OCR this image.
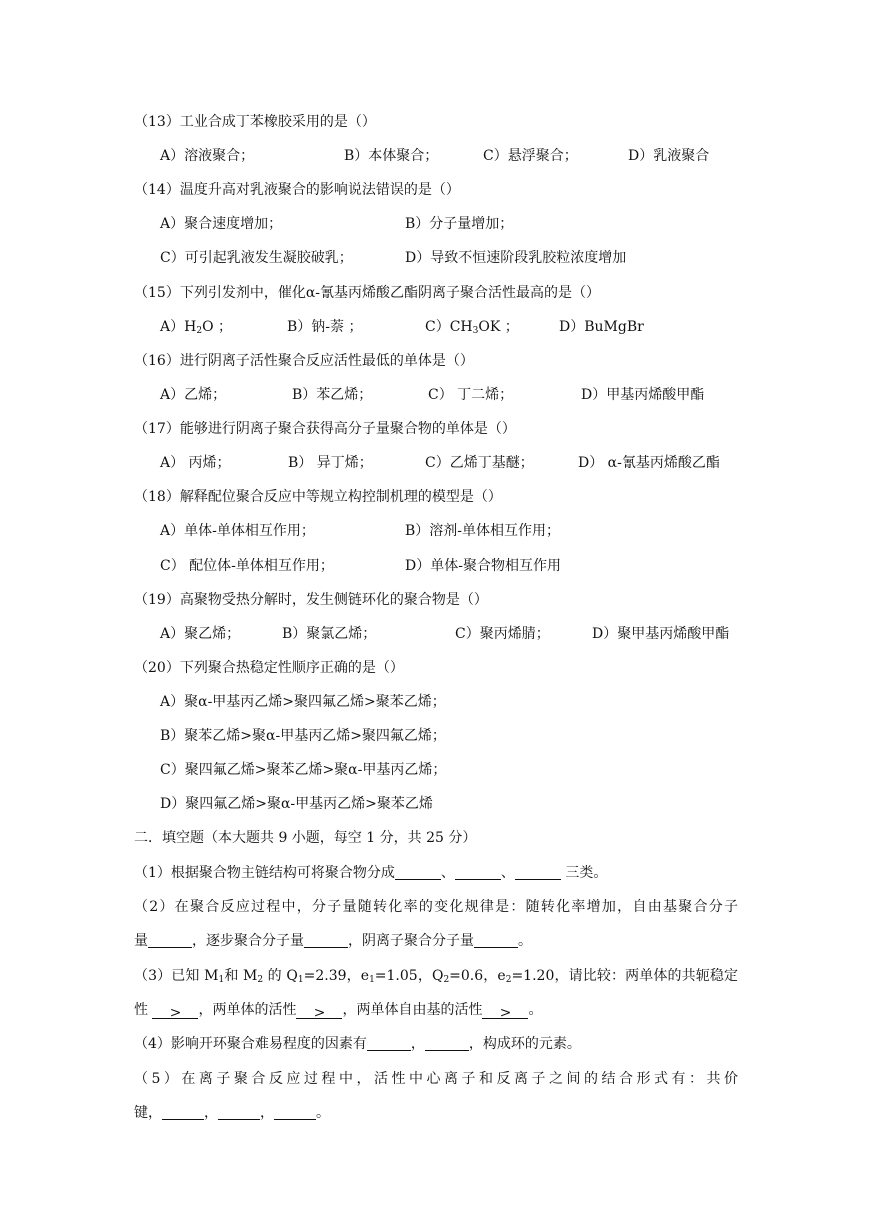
（13）工业合成丁苯橡胶采用的是（）
A）溶液聚合；	B）本体聚合；	C）悬浮聚合；	D）乳液聚合
（14）温度升高对乳液聚合的影响说法错误的是（）
A）聚合速度增加；	B）分子量增加；
C）可引起乳液发生凝胶破乳；	D）导致不恒速阶段乳胶粒浓度增加
（15）下列引发剂中，催化α-氰基丙烯酸乙酯阴离子聚合活性最高的是（）
$A)H_2O$ ；	B）钠-萘 ；	$C)CH_3OK$ ；	D）BuMgBr
（16）进行阴离子活性聚合反应活性最低的单体是（）
A）乙烯；	B）苯乙烯；	C） 丁二烯；	D）甲基丙烯酸甲酯
（17）能够进行阴离子聚合获得高分子量聚合物的单体是（）
A） 丙烯；	B） 异丁烯；	C）乙烯丁基醚；	D） α-氰基丙烯酸乙酯
（18）解释配位聚合反应中等规立构控制机理的模型是（）
A）单体-单体相互作用；	B）溶剂-单体相互作用；
C） 配位体-单体相互作用；	D）单体-聚合物相互作用
（19）高聚物受热分解时，发生侧链环化的聚合物是（）
A）聚乙烯；	B）聚氯乙烯；	C）聚丙烯腈；	D）聚甲基丙烯酸甲酯
（20）下列聚合热稳定性顺序正确的是（）
A）聚α-甲基丙乙烯>聚四氟乙烯>聚苯乙烯；
B）聚苯乙烯>聚α-甲基丙乙烯>聚四氟乙烯；
C）聚四氟乙烯>聚苯乙烯>聚α-甲基丙乙烯；
D）聚四氟乙烯>聚α-甲基丙乙烯>聚苯乙烯
二．填空题（本大题共 9 小题，每空 1 分，共 25 分）
（1）根据聚合物主链结构可将聚合物分成	、	、	三类。
（2）在聚合反应过程中，分子量随转化率的变化规律是：随转化率增加，自由基聚合分子
量	，逐步聚合分子量	，阴离子聚合分子量	。
（3）已知 $M_1$和 $M_2$ 的 $Q_1=2.39$，$e_1=1.05$，$Q_2=0.6$，$e_2=1.20$，请比较：两单体的共轭稳定
性 > ，两单体的活性 > ，两单体自由基的活性 > 。
（4）影响开环聚合难易程度的因素有	，	，构成环的元素。
（5）在离子聚合反应过程中，活性中心离子和反离子之间的结合形式有：共价
键，	，	，	。
